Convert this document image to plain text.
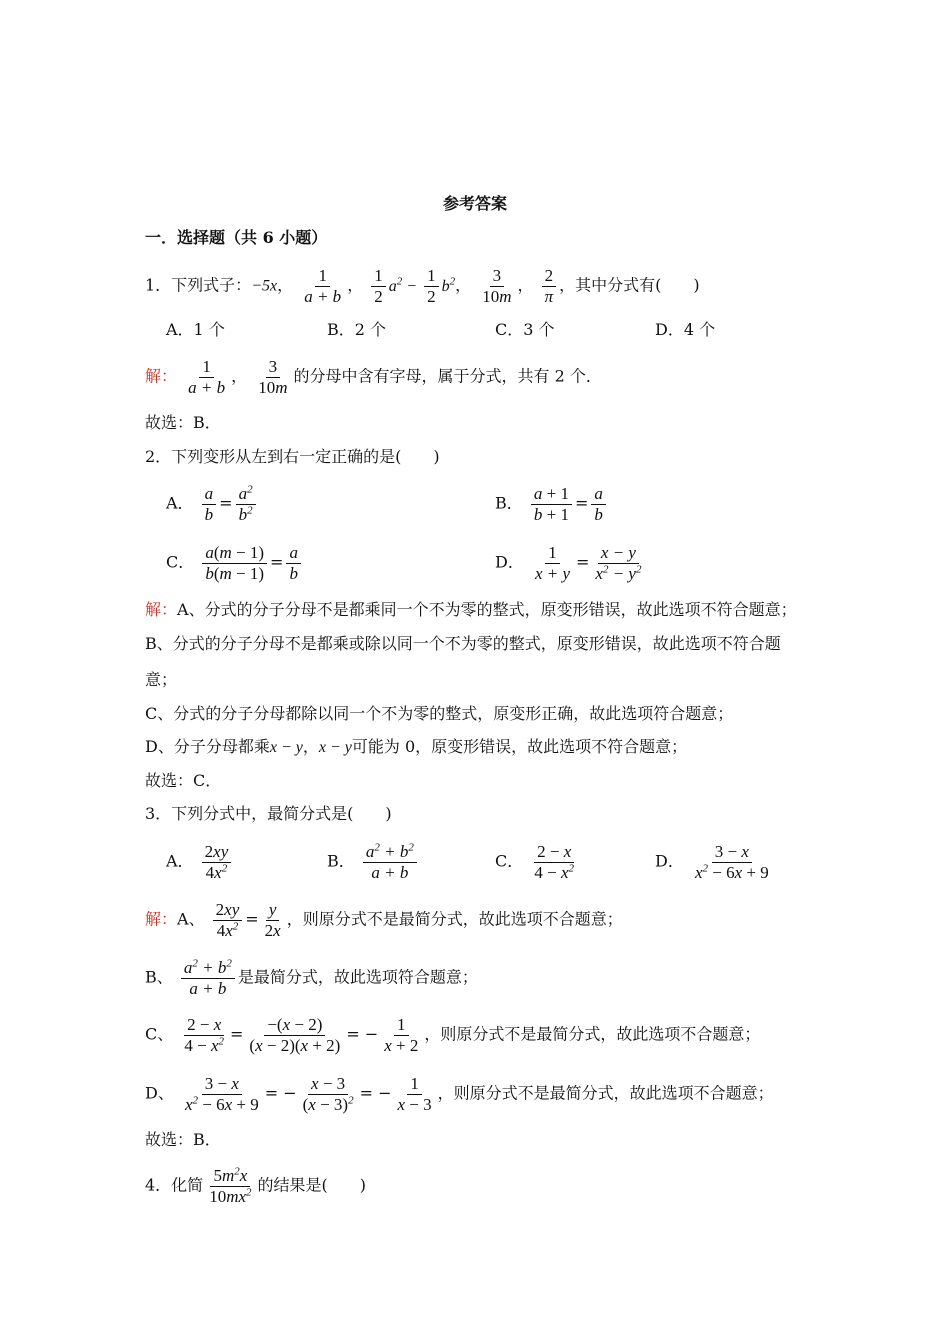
参考答案
一．选择题（共 6 小题）
1．下列式子：−5x， $\frac{1}{a + b}$ ， $\frac{1}{2} a^2 - \frac{1}{2} b^2$， $\frac{3}{10m}$ ， $\frac{2}{\pi}$ ，其中分式有(　　)
A．1 个	B．2 个	C．3 个	D．4 个
解： $\frac{1}{a + b}$ ， $\frac{3}{10m}$ 的分母中含有字母，属于分式，共有 2 个．
故选：B．
2．下列变形从左到右一定正确的是(　　)
A． $\frac{a}{b} = \frac{a^2}{b^2}$	B． $\frac{a + 1}{b + 1} = \frac{a}{b}$
C． $\frac{a(m - 1)}{b(m - 1)} = \frac{a}{b}$	D． $\frac{1}{x + y} = \frac{x - y}{x^2 - y^2}$
解：A、分式的分子分母不是都乘同一个不为零的整式，原变形错误，故此选项不符合题意；
B、分式的分子分母不是都乘或除以同一个不为零的整式，原变形错误，故此选项不符合题
意；
C、分式的分子分母都除以同一个不为零的整式，原变形正确，故此选项符合题意；
D、分子分母都乘x − y，x − y可能为 0，原变形错误，故此选项不符合题意；
故选：C．
3．下列分式中，最简分式是(　　)
A． $\frac{2xy}{4x^2}$	B． $\frac{a^2 + b^2}{a + b}$	C． $\frac{2 - x}{4 - x^2}$	D． $\frac{3 - x}{x^2 - 6x + 9}$
解：A、 $\frac{2xy}{4x^2} = \frac{y}{2x}$ ，则原分式不是最简分式，故此选项不合题意；
B、 $\frac{a^2 + b^2}{a + b}$ 是最简分式，故此选项符合题意；
C、 $\frac{2 - x}{4 - x^2} = \frac{-(x - 2)}{(x - 2)(x + 2)}$ = − $\frac{1}{x + 2}$ ，则原分式不是最简分式，故此选项不合题意；
D、 $\frac{3 - x}{x^2 - 6x + 9}$ = − $\frac{x - 3}{(x - 3)^2}$ = − $\frac{1}{x - 3}$ ，则原分式不是最简分式，故此选项不合题意；
故选：B．
4．化简 $\frac{5m^2x}{10mx^2}$ 的结果是(　　)
